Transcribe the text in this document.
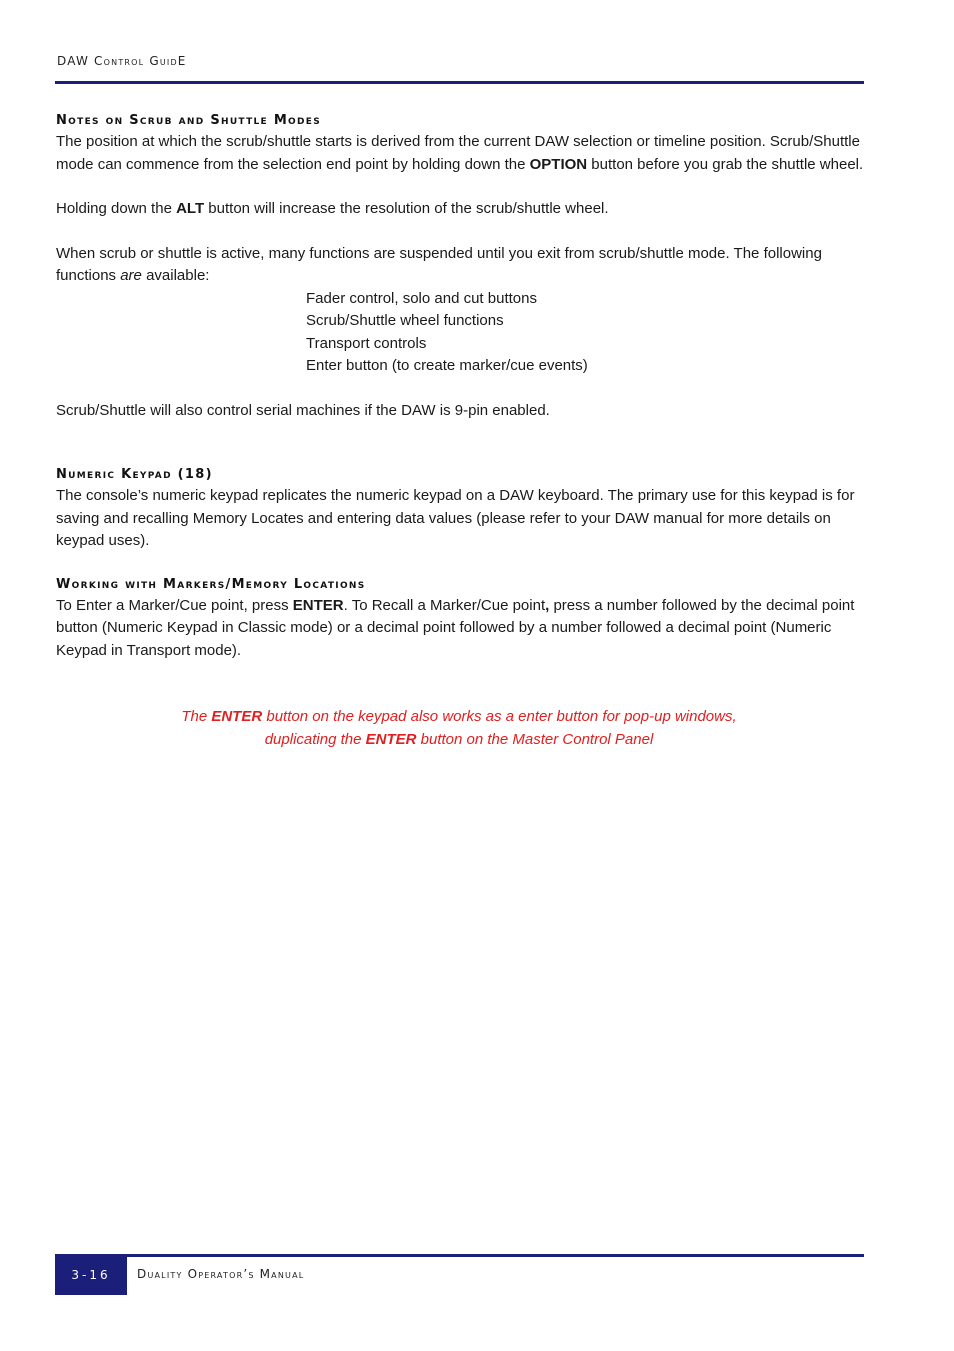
DAW Control GuidE
Notes on Scrub and Shuttle Modes

The position at which the scrub/shuttle starts is derived from the current DAW selection or timeline position. Scrub/Shuttle mode can commence from the selection end point by holding down the OPTION button before you grab the shuttle wheel.

Holding down the ALT button will increase the resolution of the scrub/shuttle wheel.

When scrub or shuttle is active, many functions are suspended until you exit from scrub/shuttle mode. The following functions are available:

Fader control, solo and cut buttons
Scrub/Shuttle wheel functions
Transport controls
Enter button (to create marker/cue events)

Scrub/Shuttle will also control serial machines if the DAW is 9-pin enabled.

Numeric Keypad (18)

The console’s numeric keypad replicates the numeric keypad on a DAW keyboard. The primary use for this keypad is for saving and recalling Memory Locates and entering data values (please refer to your DAW manual for more details on keypad uses).

Working with Markers/Memory Locations

To Enter a Marker/Cue point, press ENTER. To Recall a Marker/Cue point, press a number followed by the decimal point button (Numeric Keypad in Classic mode) or a decimal point followed by a number followed a decimal point (Numeric Keypad in Transport mode).

The ENTER button on the keypad also works as a enter button for pop-up windows,
duplicating the ENTER button on the Master Control Panel
3-16	Duality Operator’s Manual
